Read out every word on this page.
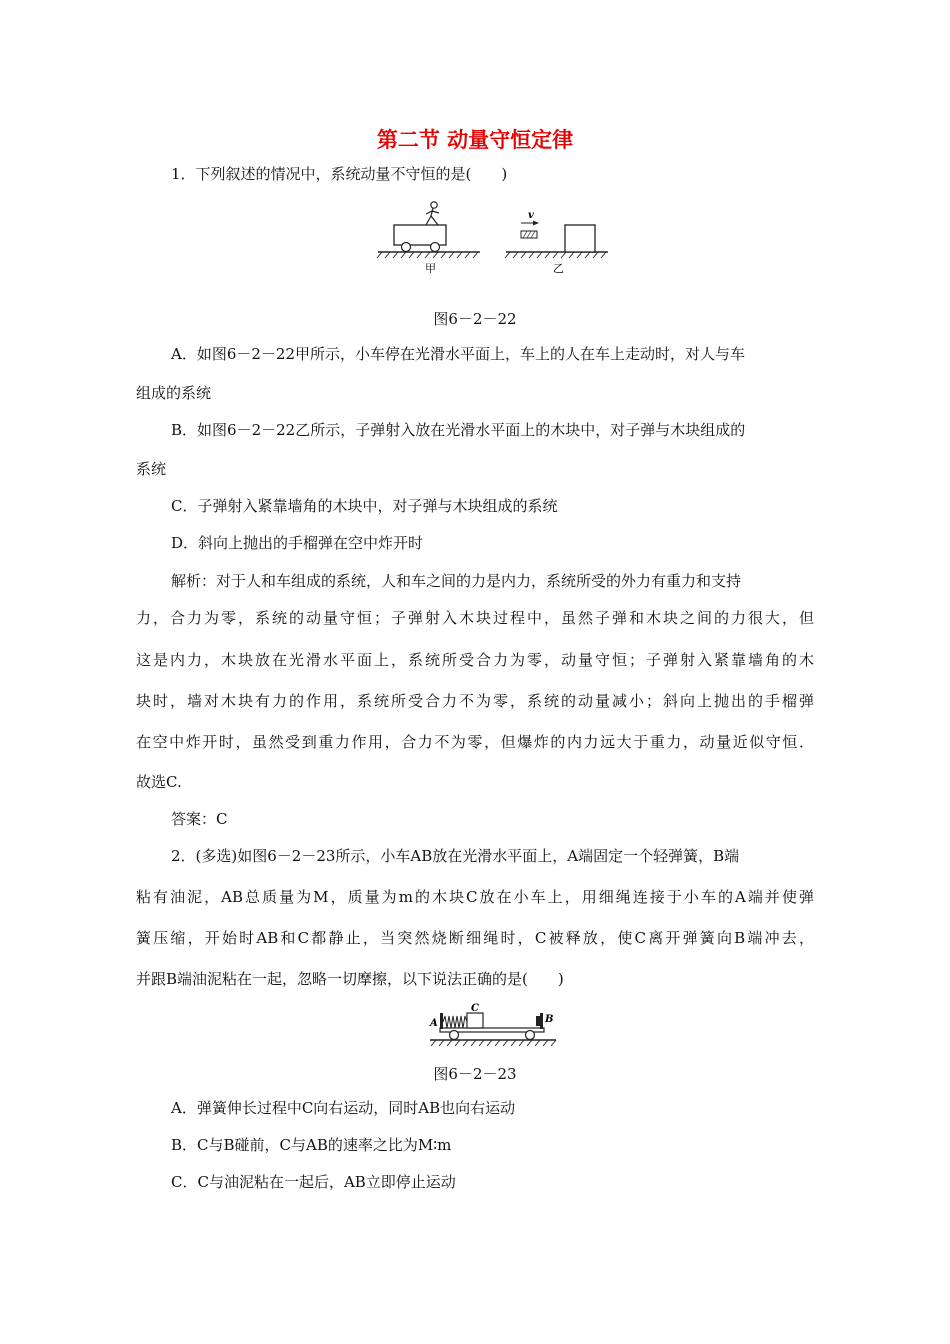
第二节 动量守恒定律
1．下列叙述的情况中，系统动量不守恒的是(　　)
甲
v
乙
图6－2－22
A．如图6－2－22甲所示，小车停在光滑水平面上，车上的人在车上走动时，对人与车
组成的系统
B．如图6－2－22乙所示，子弹射入放在光滑水平面上的木块中，对子弹与木块组成的
系统
C．子弹射入紧靠墙角的木块中，对子弹与木块组成的系统
D．斜向上抛出的手榴弹在空中炸开时
解析：对于人和车组成的系统，人和车之间的力是内力，系统所受的外力有重力和支持
力，合力为零，系统的动量守恒；子弹射入木块过程中，虽然子弹和木块之间的力很大，但
这是内力，木块放在光滑水平面上，系统所受合力为零，动量守恒；子弹射入紧靠墙角的木
块时，墙对木块有力的作用，系统所受合力不为零，系统的动量减小；斜向上抛出的手榴弹
在空中炸开时，虽然受到重力作用，合力不为零，但爆炸的内力远大于重力，动量近似守恒．
故选C.
答案：C
2．(多选)如图6－2－23所示，小车AB放在光滑水平面上，A端固定一个轻弹簧，B端
粘有油泥，AB总质量为M，质量为m的木块C放在小车上，用细绳连接于小车的A端并使弹
簧压缩，开始时AB和C都静止，当突然烧断细绳时，C被释放，使C离开弹簧向B端冲去，
并跟B端油泥粘在一起，忽略一切摩擦，以下说法正确的是(　　)
A
C
B
图6－2－23
A．弹簧伸长过程中C向右运动，同时AB也向右运动
B．C与B碰前，C与AB的速率之比为M∶m
C．C与油泥粘在一起后，AB立即停止运动
